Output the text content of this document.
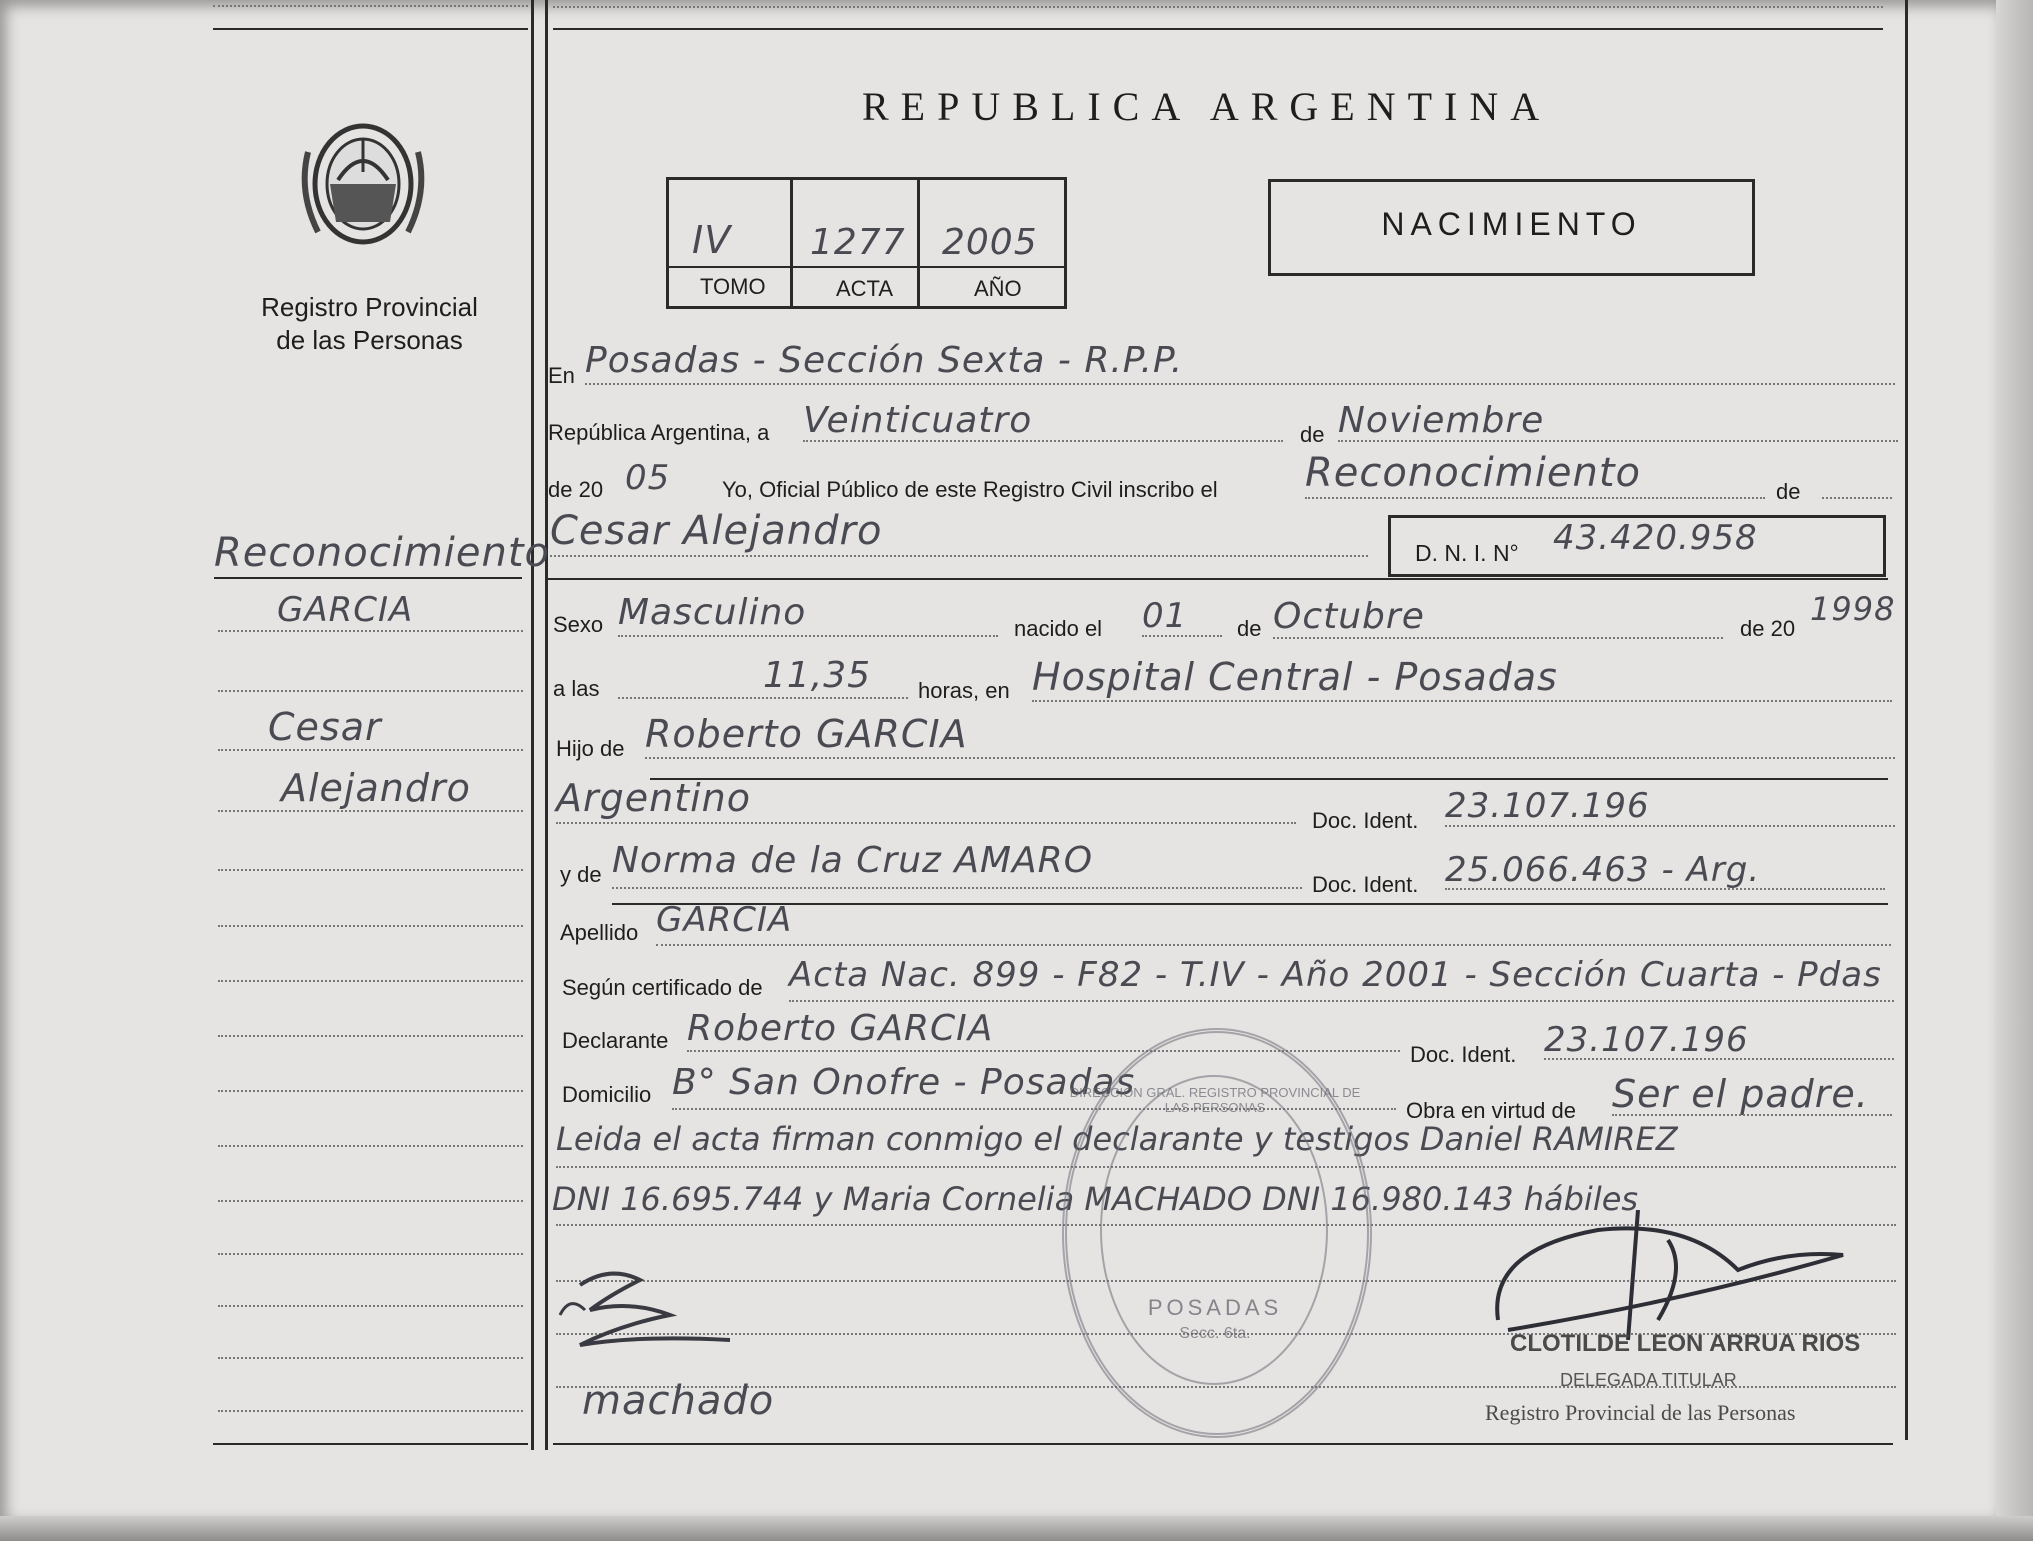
Registro Provincial
de las Personas
REPUBLICA ARGENTINA
IV 1277 2005
TOMO	ACTA	AÑO
NACIMIENTO
Reconocimiento
GARCIA
Cesar
Alejandro
En Posadas - Sección Sexta - R.P.P.
República Argentina, a Veinticuatro	de Noviembre
de 20 05 Yo, Oficial Público de este Registro Civil inscribo el Reconocimiento	de
Cesar Alejandro	D. N. I. N° 43.420.958
Sexo Masculino	nacido el 01 de Octubre	de 20
1998
a las	11,35 horas, en Hospital Central - Posadas
Hijo de Roberto GARCIA
Argentino
Doc. Ident. 23.107.196
y de Norma de la Cruz AMARO
Doc. Ident. 25.066.463 - Arg.
Apellido GARCIA
Según certificado de Acta Nac. 899 - F82 - T.IV - Año 2001 - Sección Cuarta - Pdas
Declarante Roberto GARCIA
Doc. Ident. 23.107.196
Domicilio B° San Onofre - Posadas
Obra en virtud de Ser el padre.
Leida el acta firman conmigo el declarante y testigos Daniel RAMIREZ
DNI 16.695.744 y Maria Cornelia MACHADO DNI 16.980.143 hábiles
DIRECCION GRAL. REGISTRO PROVINCIAL DE LAS PERSONAS
POSADAS
Secc. 6ta.
machado
CLOTILDE LEON ARRUA RIOS
DELEGADA TITULAR
Registro Provincial de las Personas
